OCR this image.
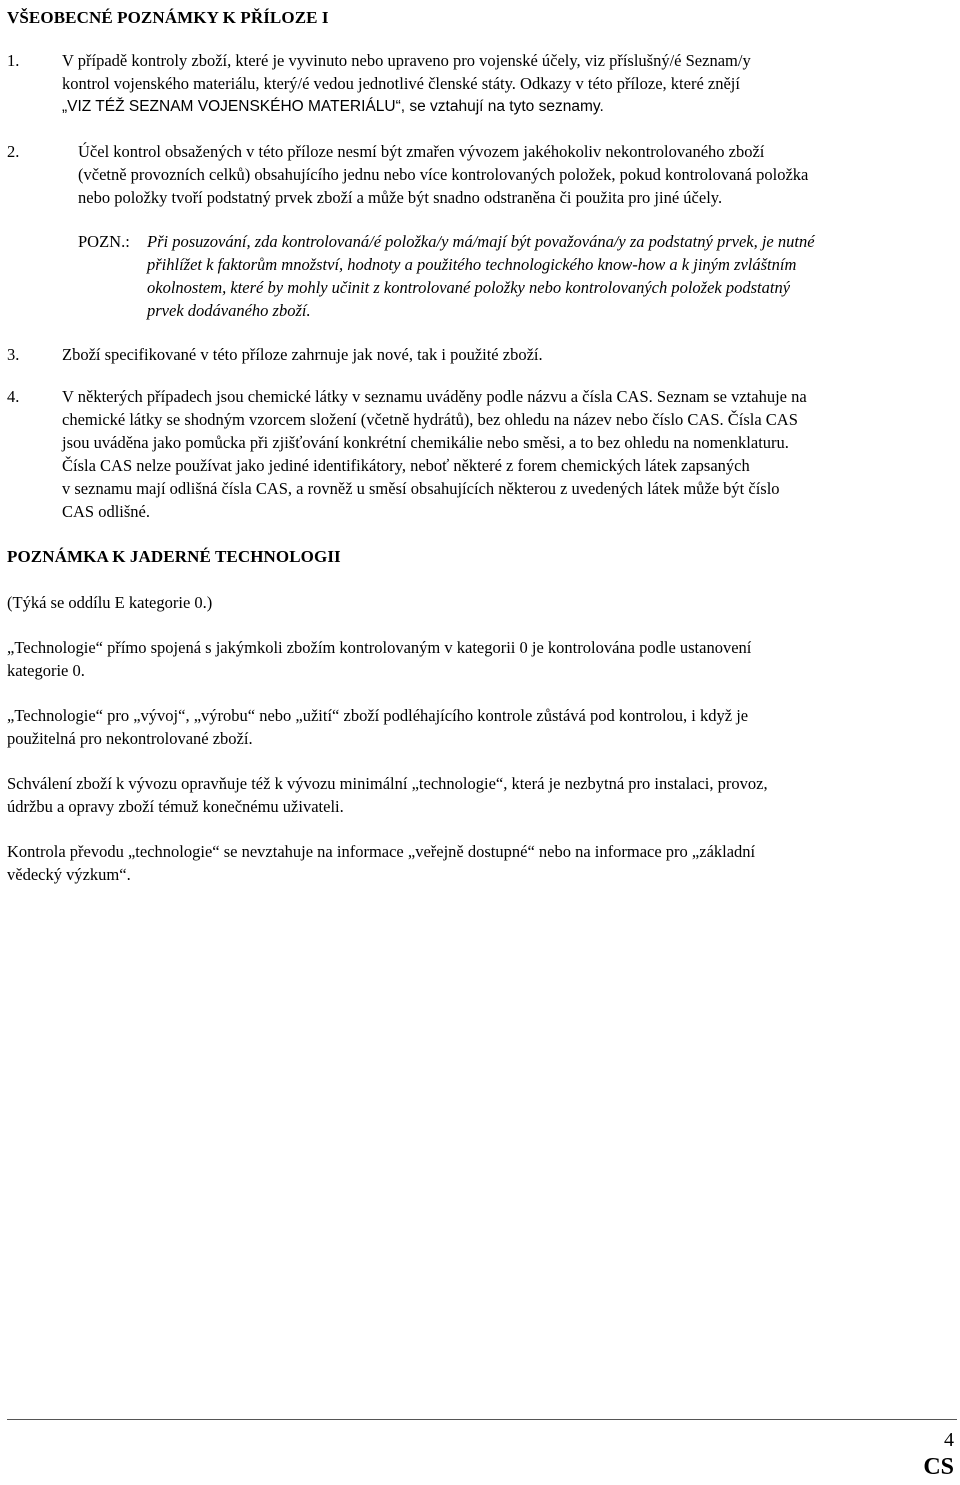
VŠEOBECNÉ POZNÁMKY K PŘÍLOZE I
1.	V případě kontroly zboží, které je vyvinuto nebo upraveno pro vojenské účely, viz příslušný/é Seznam/y
kontrol vojenského materiálu, který/é vedou jednotlivé členské státy. Odkazy v této příloze, které znějí
„VIZ TÉŽ SEZNAM VOJENSKÉHO MATERIÁLU“, se vztahují na tyto seznamy.
2.	Účel kontrol obsažených v této příloze nesmí být zmařen vývozem jakéhokoliv nekontrolovaného zboží
(včetně provozních celků) obsahujícího jednu nebo více kontrolovaných položek, pokud kontrolovaná položka
nebo položky tvoří podstatný prvek zboží a může být snadno odstraněna či použita pro jiné účely.
POZN.: Při posuzování, zda kontrolovaná/é položka/y má/mají být považována/y za podstatný prvek, je nutné
přihlížet k faktorům množství, hodnoty a použitého technologického know-how a k jiným zvláštním
okolnostem, které by mohly učinit z kontrolované položky nebo kontrolovaných položek podstatný
prvek dodávaného zboží.
3.	Zboží specifikované v této příloze zahrnuje jak nové, tak i použité zboží.
4.	V některých případech jsou chemické látky v seznamu uváděny podle názvu a čísla CAS. Seznam se vztahuje na
chemické látky se shodným vzorcem složení (včetně hydrátů), bez ohledu na název nebo číslo CAS. Čísla CAS
jsou uváděna jako pomůcka při zjišťování konkrétní chemikálie nebo směsi, a to bez ohledu na nomenklaturu.
Čísla CAS nelze používat jako jediné identifikátory, neboť některé z forem chemických látek zapsaných
v seznamu mají odlišná čísla CAS, a rovněž u směsí obsahujících některou z uvedených látek může být číslo
CAS odlišné.
POZNÁMKA K JADERNÉ TECHNOLOGII
(Týká se oddílu E kategorie 0.)
„Technologie“ přímo spojená s jakýmkoli zbožím kontrolovaným v kategorii 0 je kontrolována podle ustanovení
kategorie 0.
„Technologie“ pro „vývoj“, „výrobu“ nebo „užití“ zboží podléhajícího kontrole zůstává pod kontrolou, i když je
použitelná pro nekontrolované zboží.
Schválení zboží k vývozu opravňuje též k vývozu minimální „technologie“, která je nezbytná pro instalaci, provoz,
údržbu a opravy zboží témuž konečnému uživateli.
Kontrola převodu „technologie“ se nevztahuje na informace „veřejně dostupné“ nebo na informace pro „základní
vědecký výzkum“.
4
CS
